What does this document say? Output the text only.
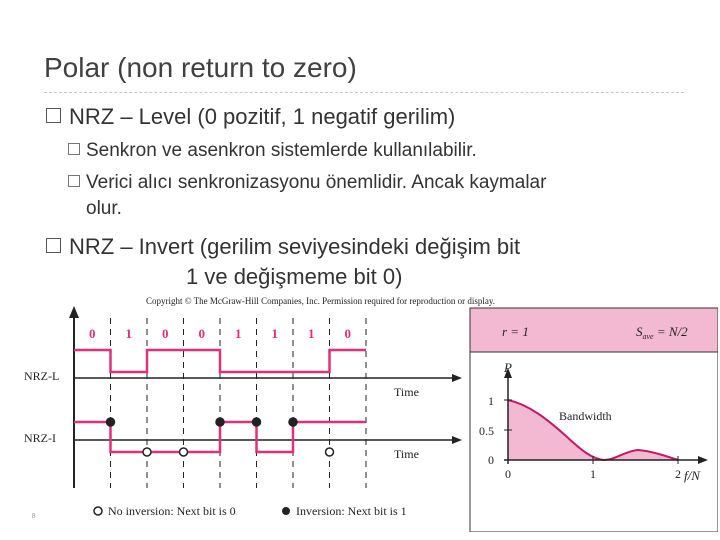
Polar (non return to zero)
NRZ – Level (0 pozitif, 1 negatif gerilim)
Senkron ve asenkron sistemlerde kullanılabilir.
Verici alıcı senkronizasyonu önemlidir. Ancak kaymalar
olur.
NRZ – Invert (gerilim seviyesindeki değişim bit
1 ve değişmeme bit 0)
Copyright © The McGraw-Hill Companies, Inc. Permission required for reproduction or display.
0 1 0 0 1 1 1 0
NRZ-L
NRZ-I
Time
Time
No inversion: Next bit is 0	Inversion: Next bit is 1
8
r = 1	$S_{ave} = N/2$
P
f/N
Bandwidth
1
0.5
0
0	1	2
